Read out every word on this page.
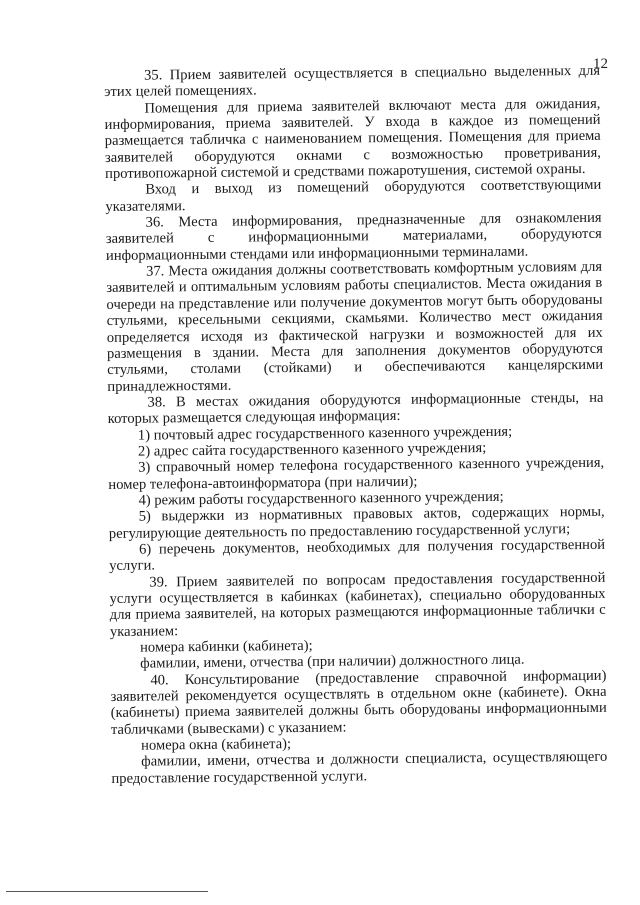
12

35. Прием заявителей осуществляется в специально выделенных для этих целей помещениях.

Помещения для приема заявителей включают места для ожидания, информирования, приема заявителей. У входа в каждое из помещений размещается табличка с наименованием помещения. Помещения для приема заявителей оборудуются окнами с возможностью проветривания, противопожарной системой и средствами пожаротушения, системой охраны.

Вход и выход из помещений оборудуются соответствующими указателями.

36. Места информирования, предназначенные для ознакомления заявителей с информационными материалами, оборудуются информационными стендами или информационными терминалами.

37. Места ожидания должны соответствовать комфортным условиям для заявителей и оптимальным условиям работы специалистов. Места ожидания в очереди на представление или получение документов могут быть оборудованы стульями, кресельными секциями, скамьями. Количество мест ожидания определяется исходя из фактической нагрузки и возможностей для их размещения в здании. Места для заполнения документов оборудуются стульями, столами (стойками) и обеспечиваются канцелярскими принадлежностями.

38. В местах ожидания оборудуются информационные стенды, на которых размещается следующая информация:

1) почтовый адрес государственного казенного учреждения;

2) адрес сайта государственного казенного учреждения;

3) справочный номер телефона государственного казенного учреждения, номер телефона-автоинформатора (при наличии);

4) режим работы государственного казенного учреждения;

5) выдержки из нормативных правовых актов, содержащих нормы, регулирующие деятельность по предоставлению государственной услуги;

6) перечень документов, необходимых для получения государственной услуги.

39. Прием заявителей по вопросам предоставления государственной услуги осуществляется в кабинках (кабинетах), специально оборудованных для приема заявителей, на которых размещаются информационные таблички с указанием:

номера кабинки (кабинета);

фамилии, имени, отчества (при наличии) должностного лица.

40. Консультирование (предоставление справочной информации) заявителей рекомендуется осуществлять в отдельном окне (кабинете). Окна (кабинеты) приема заявителей должны быть оборудованы информационными табличками (вывесками) с указанием:

номера окна (кабинета);

фамилии, имени, отчества и должности специалиста, осуществляющего предоставление государственной услуги.
